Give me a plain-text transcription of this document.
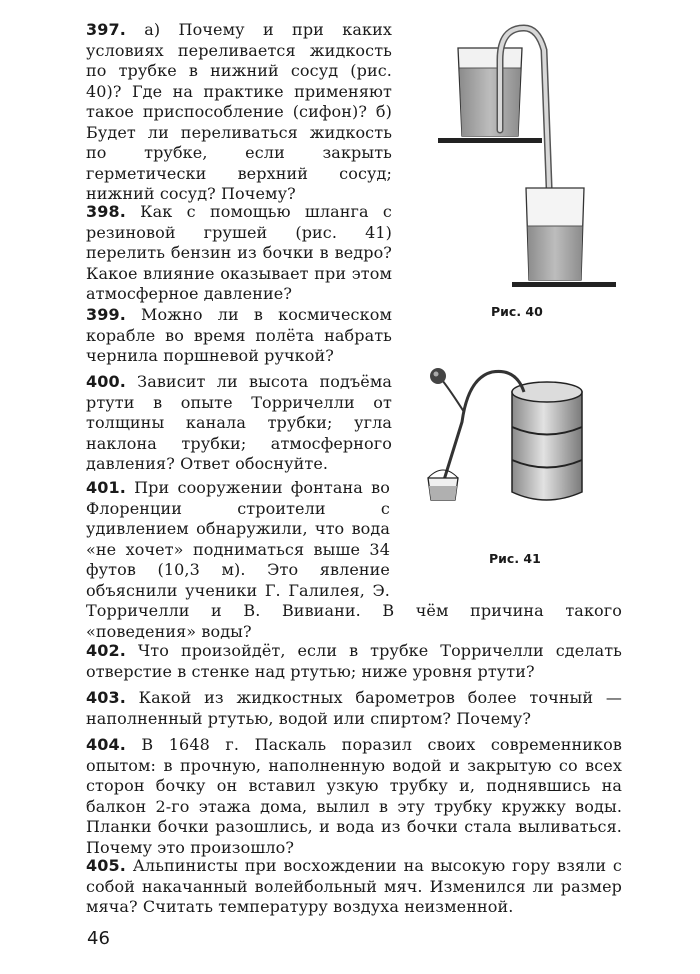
397. а) Почему и при каких условиях переливается жидкость по трубке в нижний сосуд (рис. 40)? Где на практике применяют такое приспособление (сифон)? б) Будет ли переливаться жидкость по трубке, если закрыть герметически верхний сосуд; нижний сосуд? Почему?
398. Как с помощью шланга с резиновой грушей (рис. 41) перелить бензин из бочки в ведро? Какое влияние оказывает при этом атмосферное давление?
399. Можно ли в космическом корабле во время полёта набрать чернила поршневой ручкой?
400. Зависит ли высота подъёма ртути в опыте Торричелли от толщины канала трубки; угла наклона трубки; атмосферного давления? Ответ обоснуйте.
401. При сооружении фонтана во Флоренции строители с удивлением обнаружили, что вода «не хочет» подниматься выше 34 футов (10,3 м). Это явление объяснили ученики Г. Галилея, Э. Торричелли и В. Вивиани. В чём причина такого «поведения» воды?
402. Что произойдёт, если в трубке Торричелли сделать отверстие в стенке над ртутью; ниже уровня ртути?
403. Какой из жидкостных барометров более точный — наполненный ртутью, водой или спиртом? Почему?
404. В 1648 г. Паскаль поразил своих современников опытом: в прочную, наполненную водой и закрытую со всех сторон бочку он вставил узкую трубку и, поднявшись на балкон 2-го этажа дома, вылил в эту трубку кружку воды. Планки бочки разошлись, и вода из бочки стала выливаться. Почему это произошло?
405. Альпинисты при восхождении на высокую гору взяли с собой накачанный волейбольный мяч. Изменился ли размер мяча? Считать температуру воздуха неизменной.
Рис. 40
Рис. 41
46
